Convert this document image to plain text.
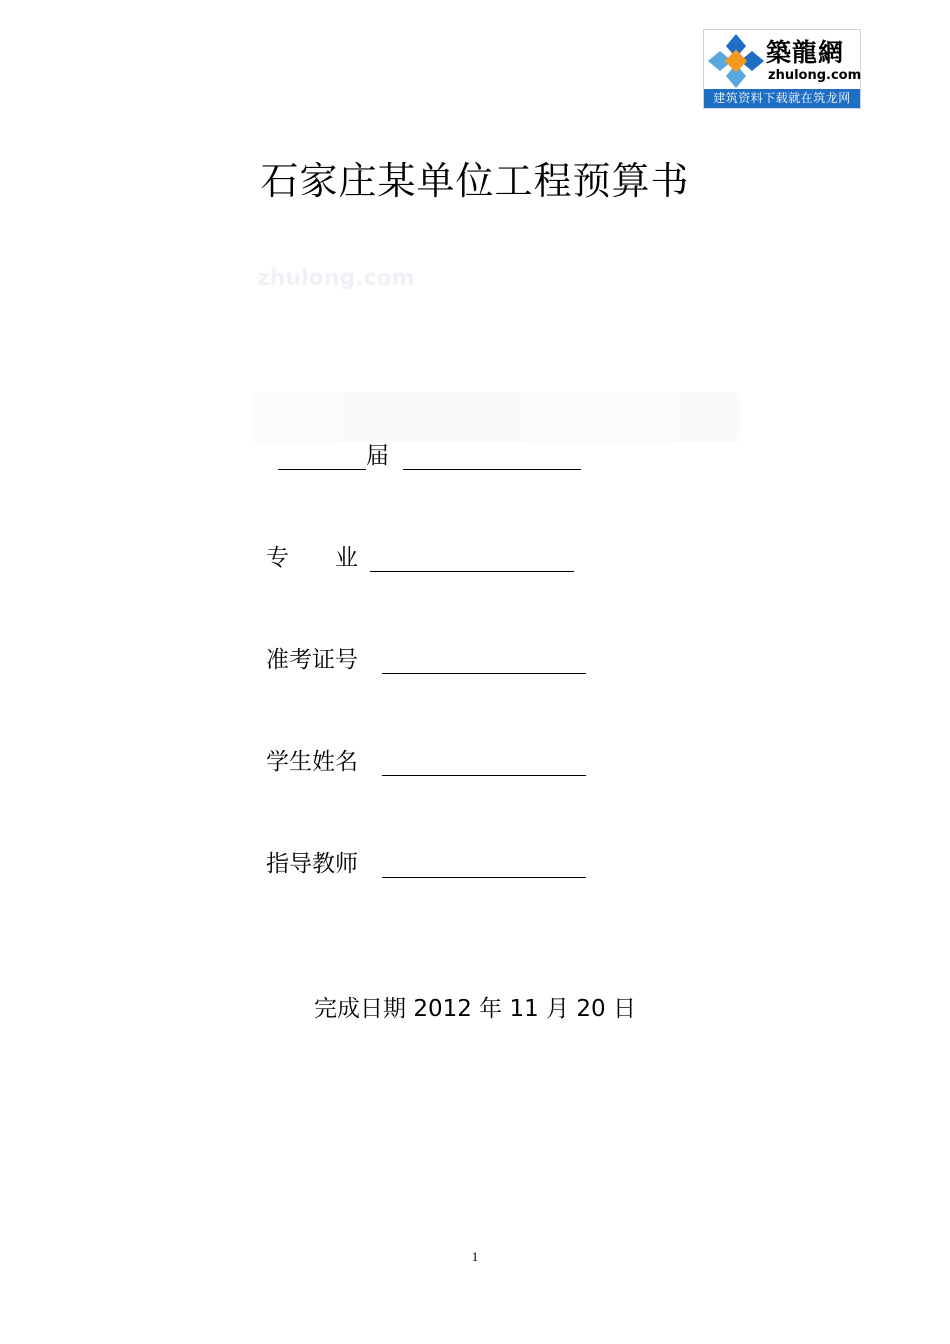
築龍網
zhulong.com
建筑资料下载就在筑龙网
石家庄某单位工程预算书
zhulong.com
届
专　　业
准考证号
学生姓名
指导教师
完成日期 2012 年 11 月 20 日
1
